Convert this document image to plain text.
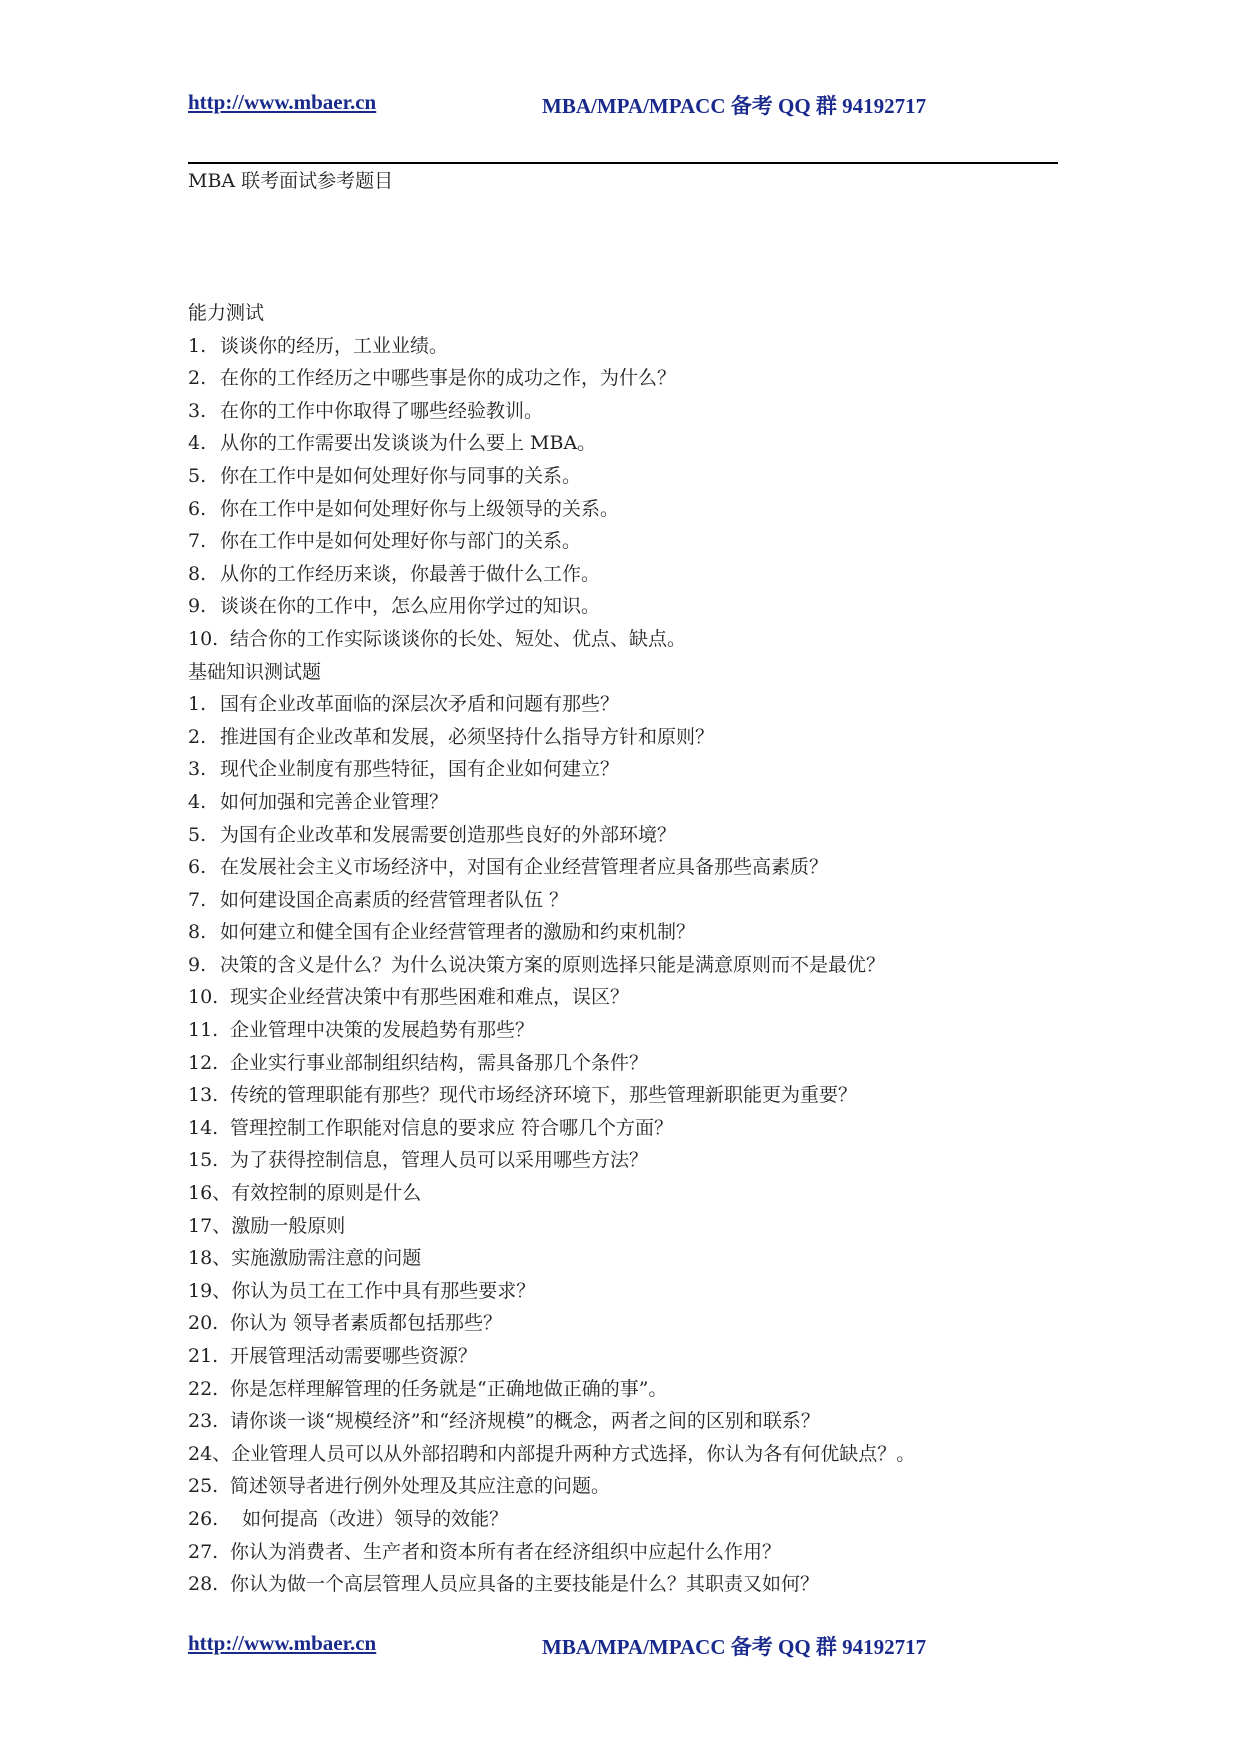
http://www.mbaer.cn	MBA/MPA/MPACC 备考 QQ 群 94192717
MBA 联考面试参考题目
能力测试
1. 谈谈你的经历，工业业绩。
2. 在你的工作经历之中哪些事是你的成功之作，为什么？
3. 在你的工作中你取得了哪些经验教训。
4. 从你的工作需要出发谈谈为什么要上 MBA。
5. 你在工作中是如何处理好你与同事的关系。
6. 你在工作中是如何处理好你与上级领导的关系。
7. 你在工作中是如何处理好你与部门的关系。
8. 从你的工作经历来谈，你最善于做什么工作。
9. 谈谈在你的工作中，怎么应用你学过的知识。
10. 结合你的工作实际谈谈你的长处、短处、优点、缺点。
基础知识测试题
1. 国有企业改革面临的深层次矛盾和问题有那些？
2. 推进国有企业改革和发展，必须坚持什么指导方针和原则？
3. 现代企业制度有那些特征，国有企业如何建立？
4. 如何加强和完善企业管理？
5. 为国有企业改革和发展需要创造那些良好的外部环境？
6. 在发展社会主义市场经济中，对国有企业经营管理者应具备那些高素质？
7. 如何建设国企高素质的经营管理者队伍 ？
8. 如何建立和健全国有企业经营管理者的激励和约束机制？
9. 决策的含义是什么？为什么说决策方案的原则选择只能是满意原则而不是最优？
10. 现实企业经营决策中有那些困难和难点，误区？
11. 企业管理中决策的发展趋势有那些？
12. 企业实行事业部制组织结构，需具备那几个条件？
13. 传统的管理职能有那些？现代市场经济环境下，那些管理新职能更为重要？
14. 管理控制工作职能对信息的要求应 符合哪几个方面？
15. 为了获得控制信息，管理人员可以采用哪些方法？
16、有效控制的原则是什么
17、激励一般原则
18、实施激励需注意的问题
19、你认为员工在工作中具有那些要求？
20. 你认为 领导者素质都包括那些？
21. 开展管理活动需要哪些资源？
22. 你是怎样理解管理的任务就是“正确地做正确的事”。
23. 请你谈一谈“规模经济”和“经济规模”的概念，两者之间的区别和联系？
24、企业管理人员可以从外部招聘和内部提升两种方式选择，你认为各有何优缺点？。
25. 简述领导者进行例外处理及其应注意的问题。
26.  如何提高（改进）领导的效能？
27. 你认为消费者、生产者和资本所有者在经济组织中应起什么作用？
28. 你认为做一个高层管理人员应具备的主要技能是什么？其职责又如何？
http://www.mbaer.cn	MBA/MPA/MPACC 备考 QQ 群 94192717
